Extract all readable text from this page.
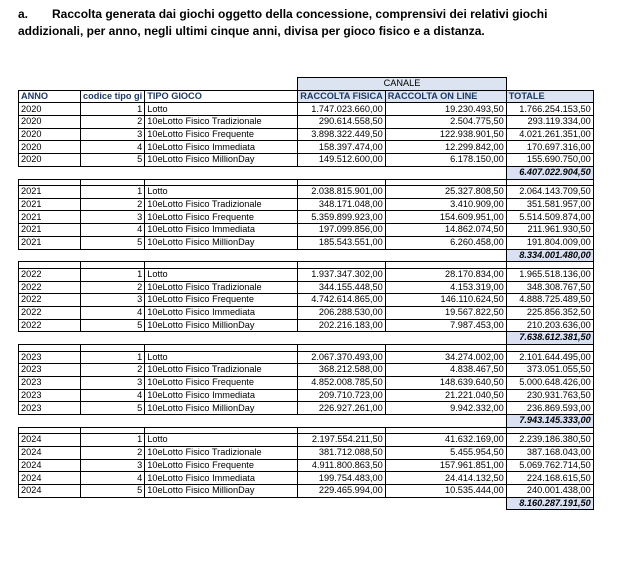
a. Raccolta generata dai giochi oggetto della concessione, comprensivi dei relativi giochi
addizionali, per anno, negli ultimi cinque anni, divisa per gioco fisico e a distanza.
			CANALE		
ANNO	codice tipo gi	TIPO GIOCO	RACCOLTA FISICA	RACCOLTA ON LINE	TOTALE
2020	1	Lotto	1.747.023.660,00	19.230.493,50	1.766.254.153,50
2020	2	10eLotto Fisico Tradizionale	290.614.558,50	2.504.775,50	293.119.334,00
2020	3	10eLotto Fisico Frequente	3.898.322.449,50	122.938.901,50	4.021.261.351,00
2020	4	10eLotto Fisico Immediata	158.397.474,00	12.299.842,00	170.697.316,00
2020	5	10eLotto Fisico MillionDay	149.512.600,00	6.178.150,00	155.690.750,00
					6.407.022.904,50

2021	1	Lotto	2.038.815.901,00	25.327.808,50	2.064.143.709,50
2021	2	10eLotto Fisico Tradizionale	348.171.048,00	3.410.909,00	351.581.957,00
2021	3	10eLotto Fisico Frequente	5.359.899.923,00	154.609.951,00	5.514.509.874,00
2021	4	10eLotto Fisico Immediata	197.099.856,00	14.862.074,50	211.961.930,50
2021	5	10eLotto Fisico MillionDay	185.543.551,00	6.260.458,00	191.804.009,00
					8.334.001.480,00

2022	1	Lotto	1.937.347.302,00	28.170.834,00	1.965.518.136,00
2022	2	10eLotto Fisico Tradizionale	344.155.448,50	4.153.319,00	348.308.767,50
2022	3	10eLotto Fisico Frequente	4.742.614.865,00	146.110.624,50	4.888.725.489,50
2022	4	10eLotto Fisico Immediata	206.288.530,00	19.567.822,50	225.856.352,50
2022	5	10eLotto Fisico MillionDay	202.216.183,00	7.987.453,00	210.203.636,00
					7.638.612.381,50

2023	1	Lotto	2.067.370.493,00	34.274.002,00	2.101.644.495,00
2023	2	10eLotto Fisico Tradizionale	368.212.588,00	4.838.467,50	373.051.055,50
2023	3	10eLotto Fisico Frequente	4.852.008.785,50	148.639.640,50	5.000.648.426,00
2023	4	10eLotto Fisico Immediata	209.710.723,00	21.221.040,50	230.931.763,50
2023	5	10eLotto Fisico MillionDay	226.927.261,00	9.942.332,00	236.869.593,00
					7.943.145.333,00

2024	1	Lotto	2.197.554.211,50	41.632.169,00	2.239.186.380,50
2024	2	10eLotto Fisico Tradizionale	381.712.088,50	5.455.954,50	387.168.043,00
2024	3	10eLotto Fisico Frequente	4.911.800.863,50	157.961.851,00	5.069.762.714,50
2024	4	10eLotto Fisico Immediata	199.754.483,00	24.414.132,50	224.168.615,50
2024	5	10eLotto Fisico MillionDay	229.465.994,00	10.535.444,00	240.001.438,00
					8.160.287.191,50
